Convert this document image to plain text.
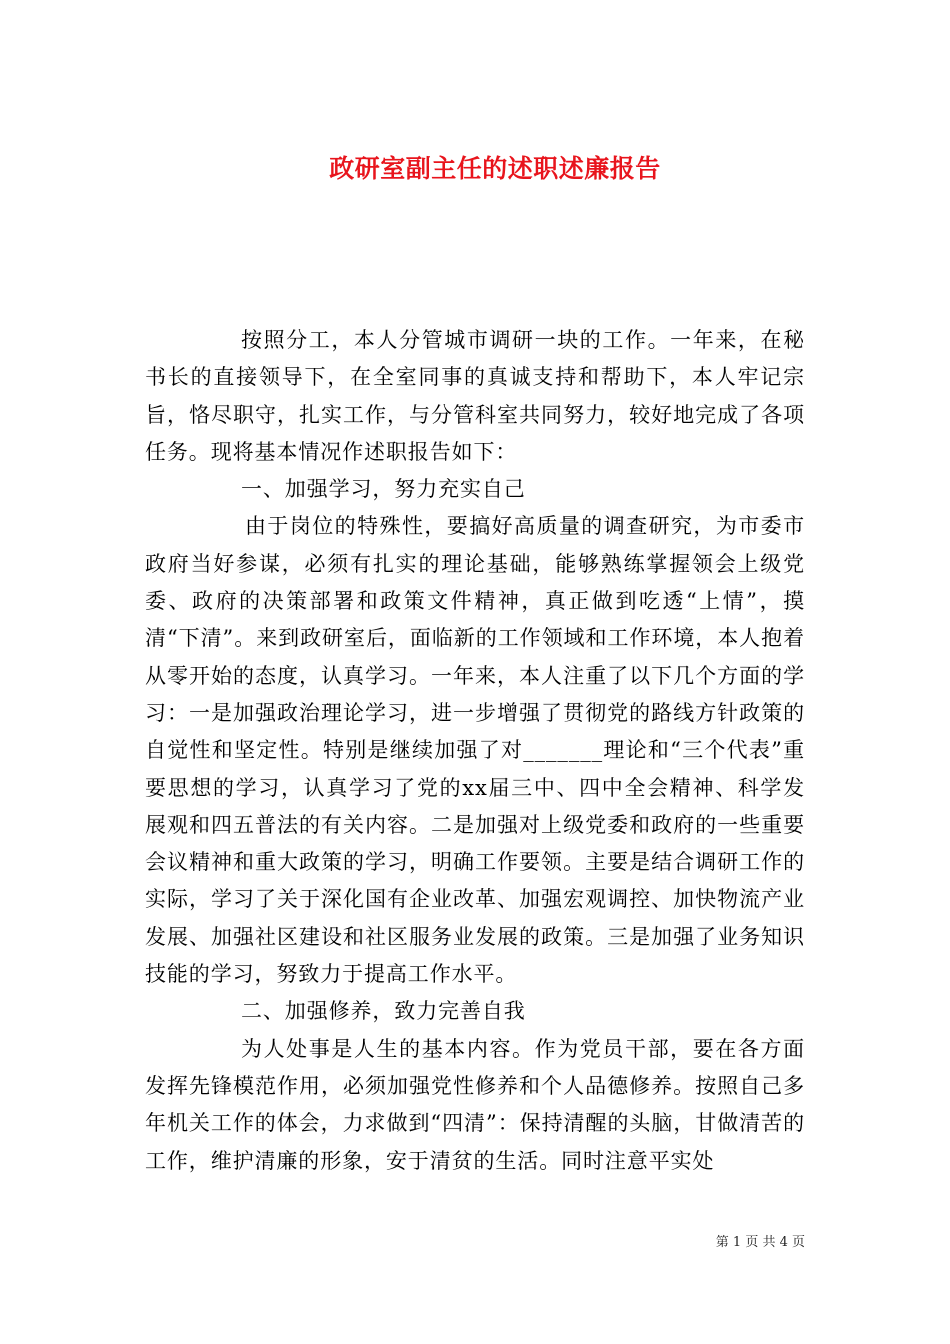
政研室副主任的述职述廉报告

按照分工，本人分管城市调研一块的工作。一年来，在秘书长的直接领导下，在全室同事的真诚支持和帮助下，本人牢记宗旨，恪尽职守，扎实工作，与分管科室共同努力，较好地完成了各项任务。现将基本情况作述职报告如下：

一、加强学习，努力充实自己

由于岗位的特殊性，要搞好高质量的调查研究，为市委市政府当好参谋，必须有扎实的理论基础，能够熟练掌握领会上级党委、政府的决策部署和政策文件精神，真正做到吃透“上情”，摸清“下清”。来到政研室后，面临新的工作领域和工作环境，本人抱着从零开始的态度，认真学习。一年来，本人注重了以下几个方面的学习：一是加强政治理论学习，进一步增强了贯彻党的路线方针政策的自觉性和坚定性。特别是继续加强了对_______理论和“三个代表”重要思想的学习，认真学习了党的xx届三中、四中全会精神、科学发展观和四五普法的有关内容。二是加强对上级党委和政府的一些重要会议精神和重大政策的学习，明确工作要领。主要是结合调研工作的实际，学习了关于深化国有企业改革、加强宏观调控、加快物流产业发展、加强社区建设和社区服务业发展的政策。三是加强了业务知识技能的学习，努致力于提高工作水平。

二、加强修养，致力完善自我

为人处事是人生的基本内容。作为党员干部，要在各方面发挥先锋模范作用，必须加强党性修养和个人品德修养。按照自己多年机关工作的体会，力求做到“四清”：保持清醒的头脑，甘做清苦的工作，维护清廉的形象，安于清贫的生活。同时注意平实处

第 1 页 共 4 页
